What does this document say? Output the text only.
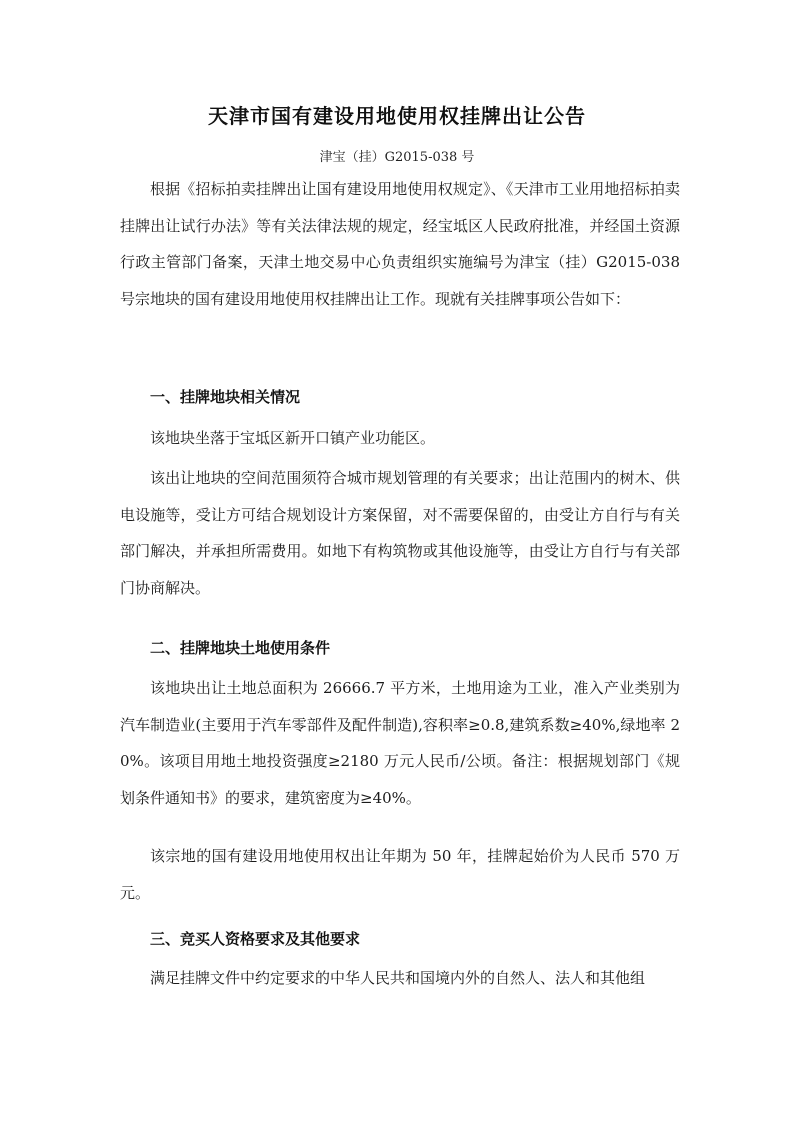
天津市国有建设用地使用权挂牌出让公告
津宝（挂）G2015-038 号

根据《招标拍卖挂牌出让国有建设用地使用权规定》、《天津市工业用地招标拍卖挂牌出让试行办法》等有关法律法规的规定，经宝坻区人民政府批准，并经国土资源行政主管部门备案，天津土地交易中心负责组织实施编号为津宝（挂）G2015-038 号宗地块的国有建设用地使用权挂牌出让工作。现就有关挂牌事项公告如下：

一、挂牌地块相关情况

该地块坐落于宝坻区新开口镇产业功能区。

该出让地块的空间范围须符合城市规划管理的有关要求；出让范围内的树木、供电设施等，受让方可结合规划设计方案保留，对不需要保留的，由受让方自行与有关部门解决，并承担所需费用。如地下有构筑物或其他设施等，由受让方自行与有关部门协商解决。

二、挂牌地块土地使用条件

该地块出让土地总面积为 26666.7 平方米，土地用途为工业，准入产业类别为汽车制造业(主要用于汽车零部件及配件制造),容积率≥0.8,建筑系数≥40%,绿地率 20%。该项目用地土地投资强度≥2180 万元人民币/公顷。备注：根据规划部门《规划条件通知书》的要求，建筑密度为≥40%。

该宗地的国有建设用地使用权出让年期为 50 年，挂牌起始价为人民币 570 万元。

三、竞买人资格要求及其他要求

满足挂牌文件中约定要求的中华人民共和国境内外的自然人、法人和其他组
